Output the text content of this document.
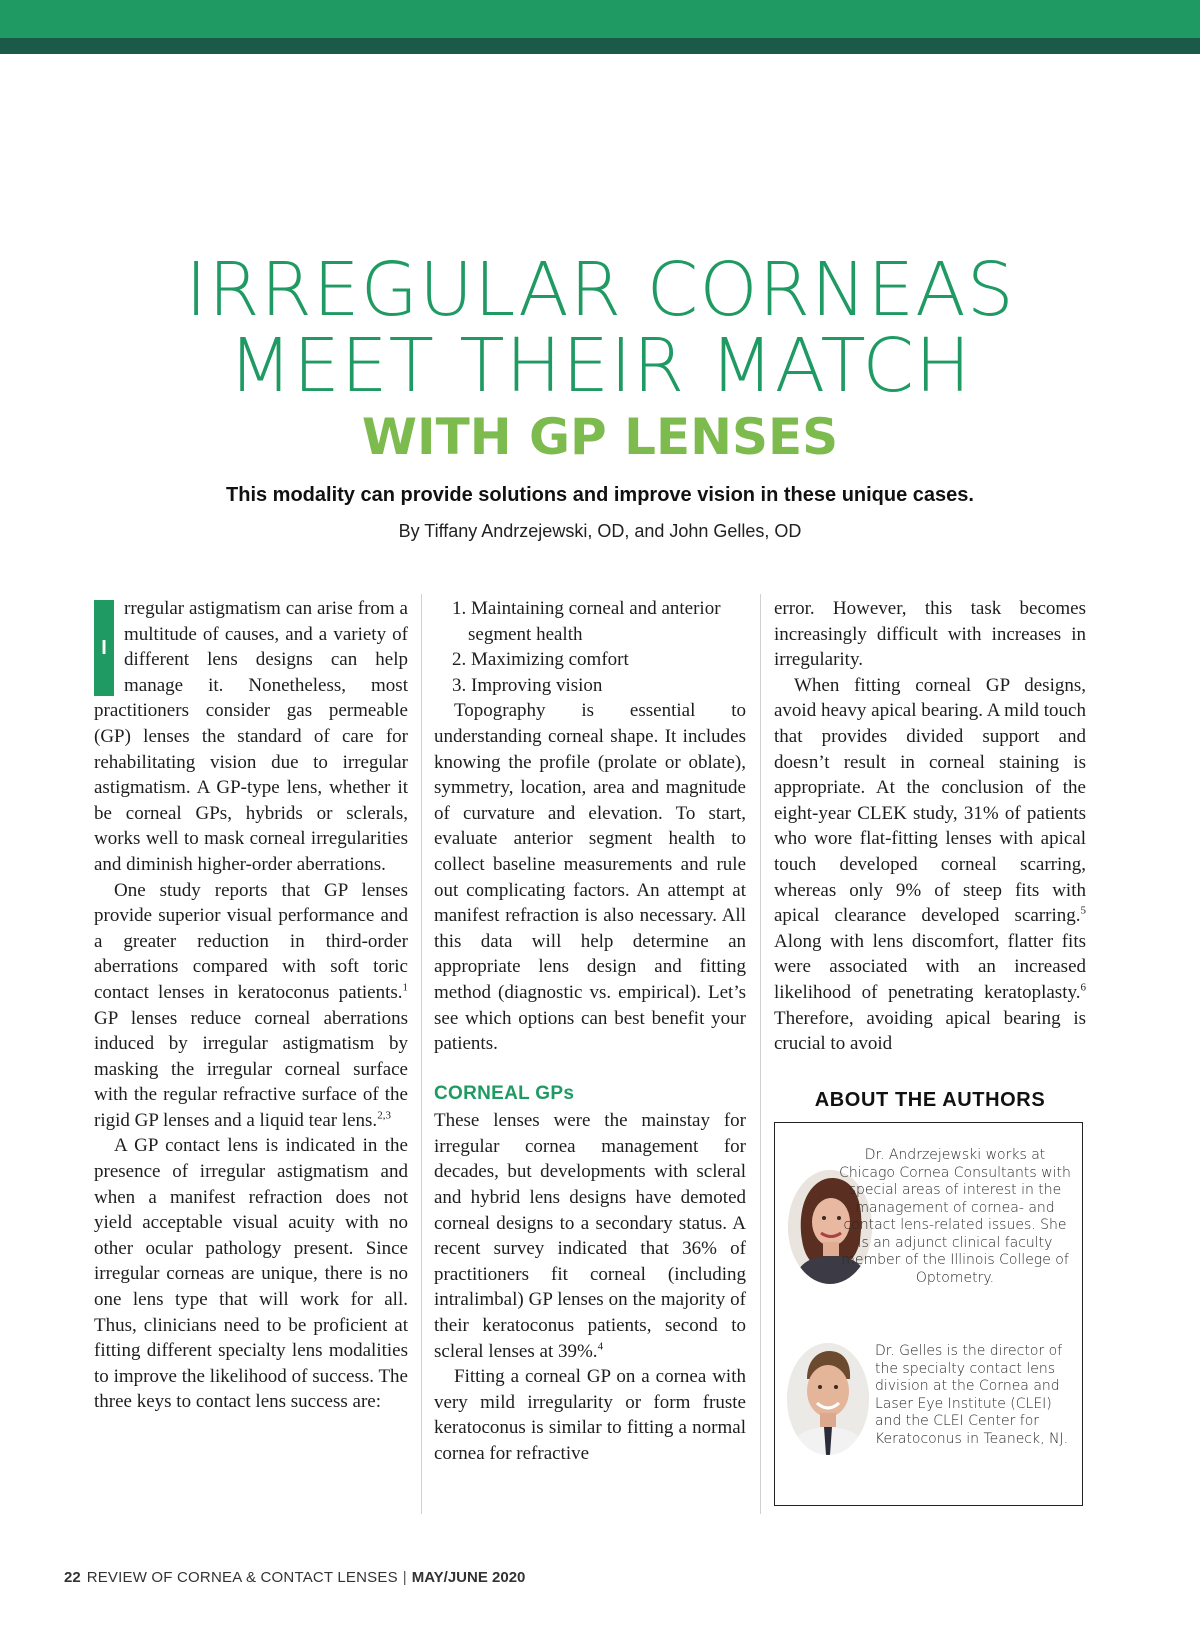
IRREGULAR CORNEAS
MEET THEIR MATCH
WITH GP LENSES
This modality can provide solutions and improve vision in these unique cases.
By Tiffany Andrzejewski, OD, and John Gelles, OD

I
rregular astigmatism can arise from a multitude of causes, and a variety of different lens designs can help manage it. Nonetheless, most practitioners consider gas permeable (GP) lenses the standard of care for rehabilitating vision due to irregular astigmatism. A GP-type lens, whether it be corneal GPs, hybrids or sclerals, works well to mask corneal irregularities and diminish higher-order aberrations.

One study reports that GP lenses provide superior visual performance and a greater reduction in third-order aberrations compared with soft toric contact lenses in keratoconus patients.$^1$ GP lenses reduce corneal aberrations induced by irregular astigmatism by masking the irregular corneal surface with the regular refractive surface of the rigid GP lenses and a liquid tear lens.$^{2,3}$

A GP contact lens is indicated in the presence of irregular astigmatism and when a manifest refraction does not yield acceptable visual acuity with no other ocular pathology present. Since irregular corneas are unique, there is no one lens type that will work for all. Thus, clinicians need to be proficient at fitting different specialty lens modalities to improve the likelihood of success. The three keys to contact lens success are:

1. Maintaining corneal and anterior segment health
2. Maximizing comfort
3. Improving vision

Topography is essential to understanding corneal shape. It includes knowing the profile (prolate or oblate), symmetry, location, area and magnitude of curvature and elevation. To start, evaluate anterior segment health to collect baseline measurements and rule out complicating factors. An attempt at manifest refraction is also necessary. All this data will help determine an appropriate lens design and fitting method (diagnostic vs. empirical). Let’s see which options can best benefit your patients.

CORNEAL GPs

These lenses were the mainstay for irregular cornea management for decades, but developments with scleral and hybrid lens designs have demoted corneal designs to a secondary status. A recent survey indicated that 36% of practitioners fit corneal (including intralimbal) GP lenses on the majority of their keratoconus patients, second to scleral lenses at 39%.$^4$

Fitting a corneal GP on a cornea with very mild irregularity or form fruste keratoconus is similar to fitting a normal cornea for refractive

error. However, this task becomes increasingly difficult with increases in irregularity.

When fitting corneal GP designs, avoid heavy apical bearing. A mild touch that provides divided support and doesn’t result in corneal staining is appropriate. At the conclusion of the eight-year CLEK study, 31% of patients who wore flat-fitting lenses with apical touch developed corneal scarring, whereas only 9% of steep fits with apical clearance developed scarring.$^5$ Along with lens discomfort, flatter fits were associated with an increased likelihood of penetrating keratoplasty.$^6$ Therefore, avoiding apical bearing is crucial to avoid

ABOUT THE AUTHORS
Dr. Andrzejewski works at Chicago Cornea Consultants with special areas of interest in the management of cornea- and contact lens-related issues. She is an adjunct clinical faculty member of the Illinois College of Optometry.
Dr. Gelles is the director of the specialty contact lens division at the Cornea and Laser Eye Institute (CLEI) and the CLEI Center for Keratoconus in Teaneck, NJ.
22 REVIEW OF CORNEA & CONTACT LENSES | MAY/JUNE 2020
